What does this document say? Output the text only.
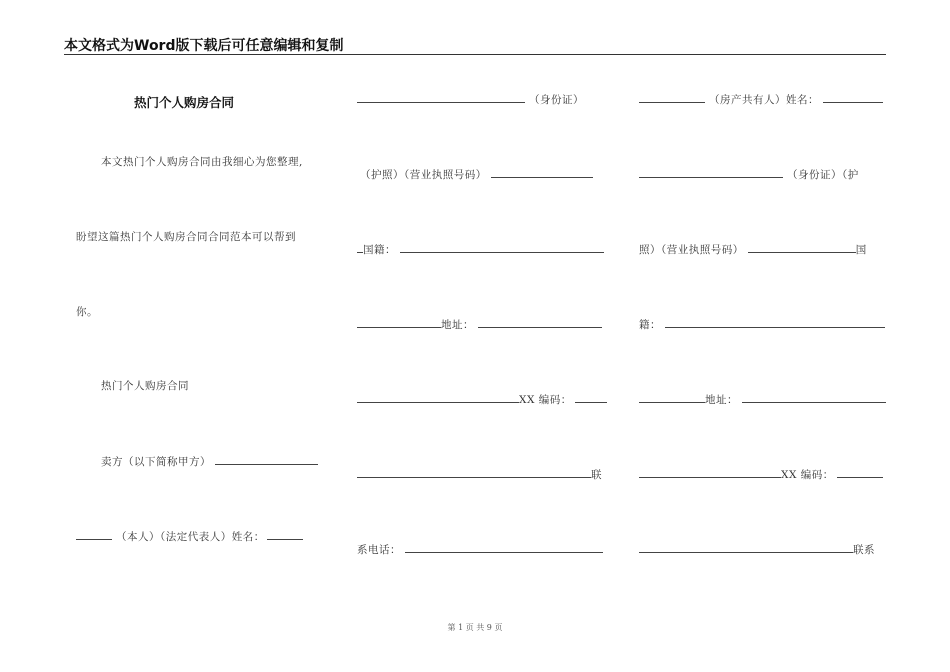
本文格式为Word版下载后可任意编辑和复制
热门个人购房合同
本文热门个人购房合同由我细心为您整理,
盼望这篇热门个人购房合同合同范本可以帮到
你。
热门个人购房合同
卖方（以下简称甲方）
（本人）（法定代表人）姓名：
（身份证）
（护照）（营业执照号码）
国籍：
地址：
XX 编码：
联
系电话：
（房产共有人）姓名：
（身份证）（护
照）（营业执照号码）	国
籍：
地址：
XX 编码：
联系
第 1 页 共 9 页
